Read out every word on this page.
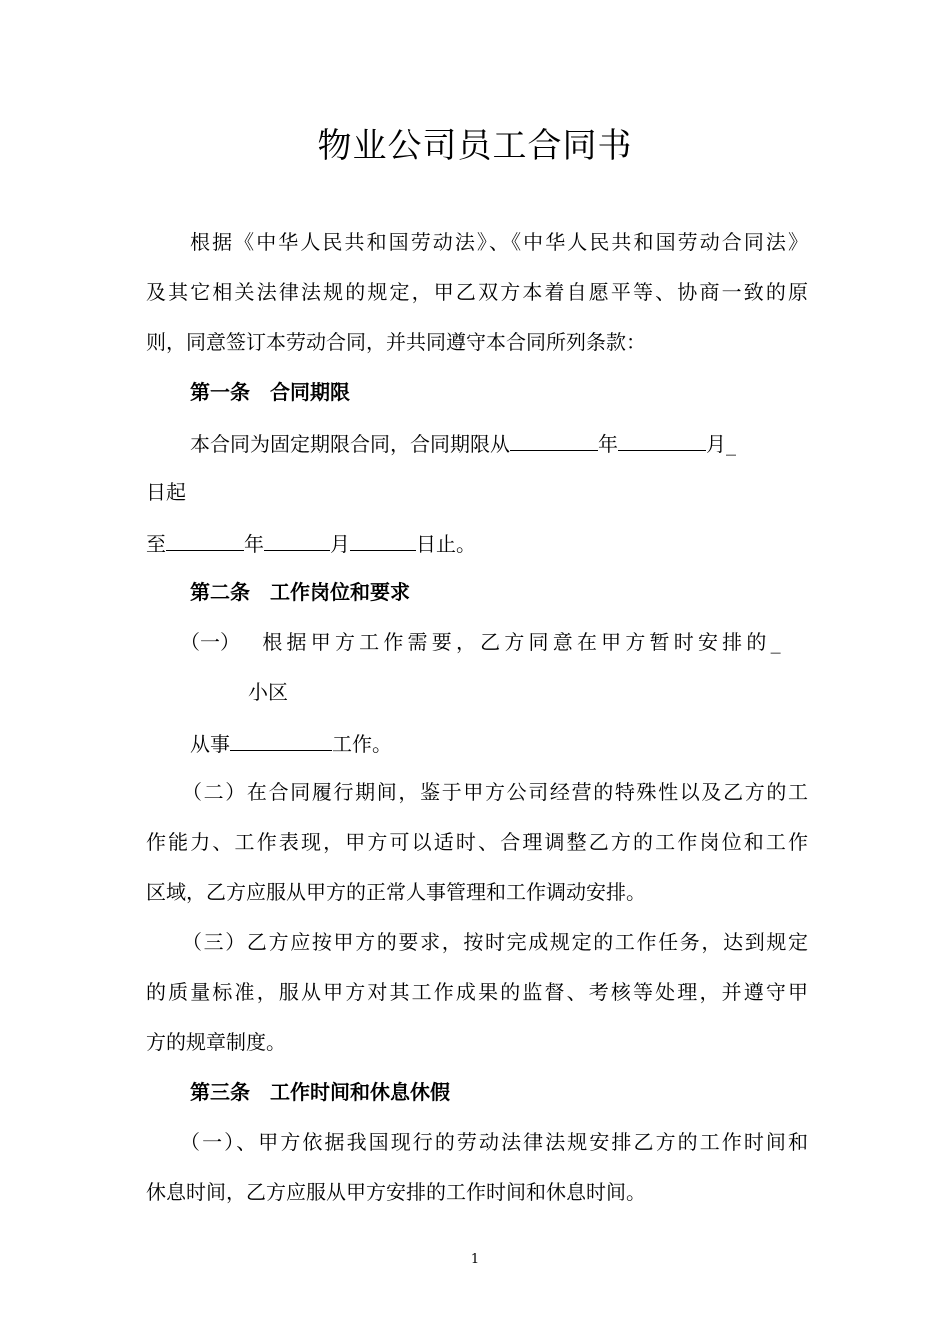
物业公司员工合同书
根据《中华人民共和国劳动法》、《中华人民共和国劳动合同法》
及其它相关法律法规的规定，甲乙双方本着自愿平等、协商一致的原
则，同意签订本劳动合同，并共同遵守本合同所列条款：
第一条　合同期限
本合同为固定期限合同，合同期限从	年	月_
日起
至	年	月	日止。
第二条　工作岗位和要求
（一） 根据甲方工作需要，乙方同意在甲方暂时安排的_
小区
从事	工作。
（二）在合同履行期间，鉴于甲方公司经营的特殊性以及乙方的工
作能力、工作表现，甲方可以适时、合理调整乙方的工作岗位和工作
区域，乙方应服从甲方的正常人事管理和工作调动安排。
（三）乙方应按甲方的要求，按时完成规定的工作任务，达到规定
的质量标准，服从甲方对其工作成果的监督、考核等处理，并遵守甲
方的规章制度。
第三条　工作时间和休息休假
（一）、甲方依据我国现行的劳动法律法规安排乙方的工作时间和
休息时间，乙方应服从甲方安排的工作时间和休息时间。
1
